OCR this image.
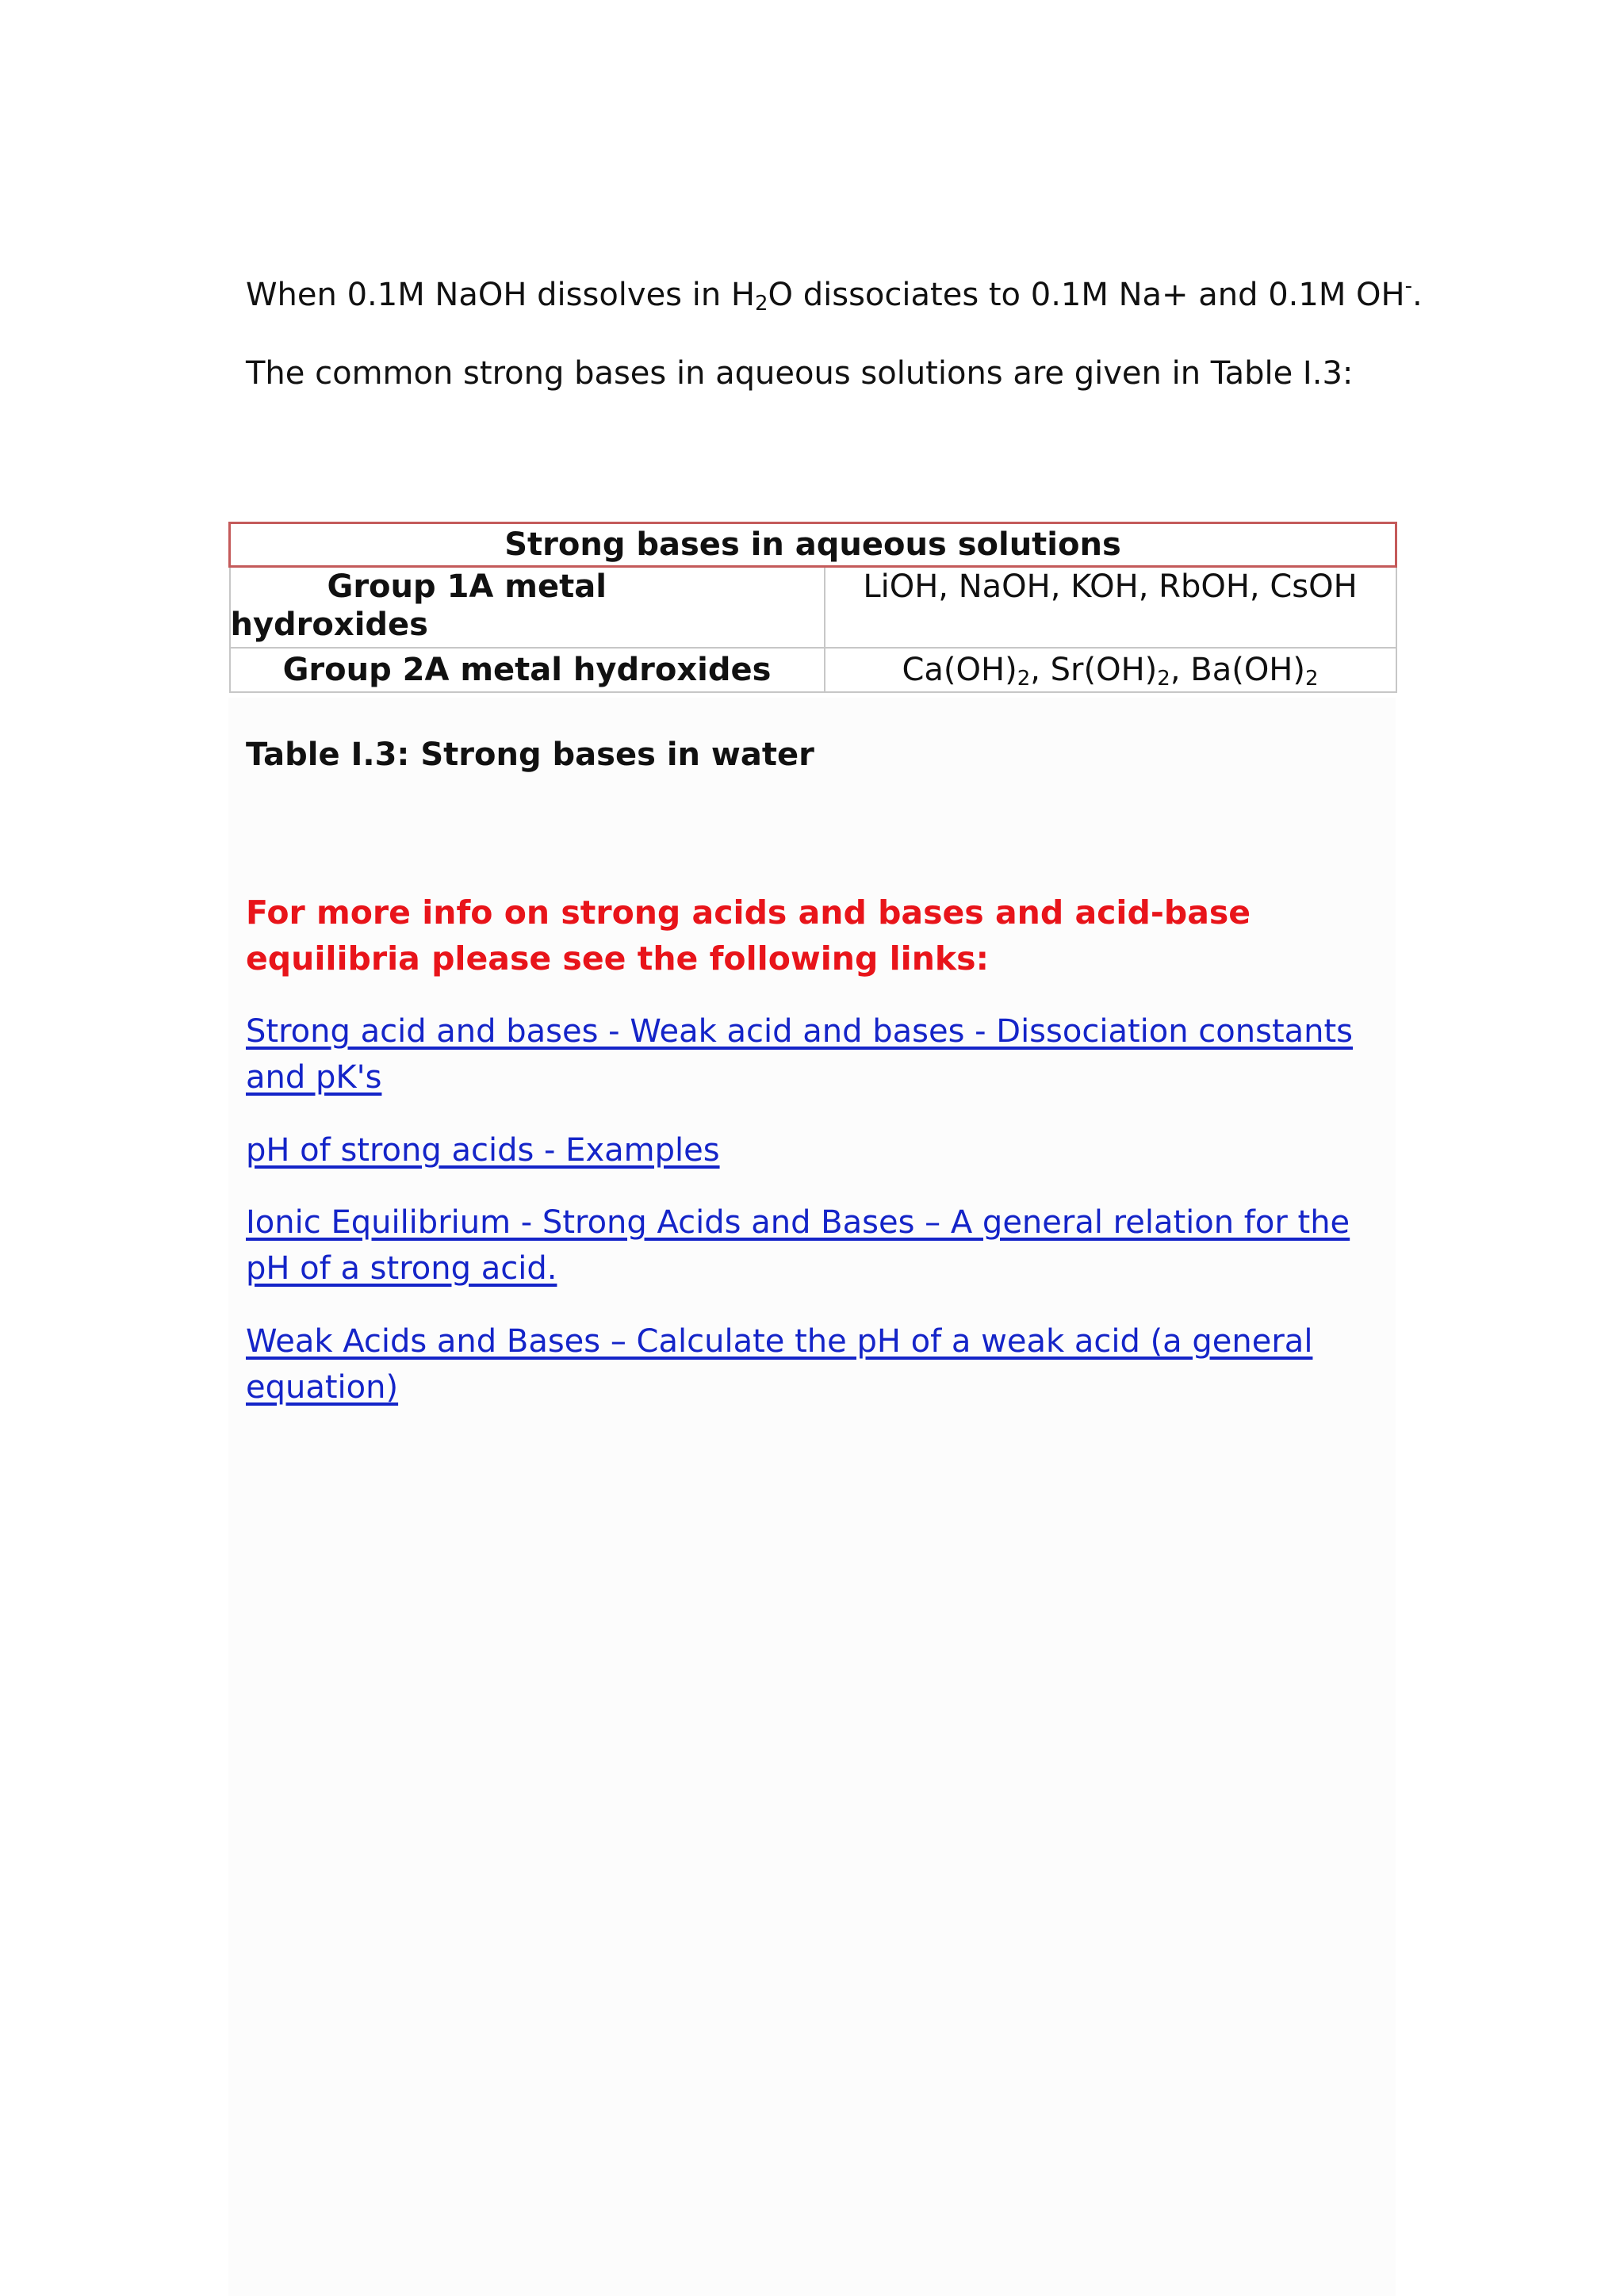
When 0.1M NaOH dissolves in $H_2O$ dissociates to 0.1M Na+ and 0.1M OH-.

The common strong bases in aqueous solutions are given in Table I.3:

Strong bases in aqueous solutions	

Group 1A metal
hydroxides	LiOH, NaOH, KOH, RbOH, CsOH
Group 2A metal hydroxides	$Ca(OH)_2$, $Sr(OH)_2$, $Ba(OH)_2$

Table I.3: Strong bases in water

For more info on strong acids and bases and acid-base equilibria please see the following links:

Strong acid and bases - Weak acid and bases - Dissociation constants and pK's
pH of strong acids - Examples
Ionic Equilibrium - Strong Acids and Bases – A general relation for the pH of a strong acid.
Weak Acids and Bases – Calculate the pH of a weak acid (a general equation)
